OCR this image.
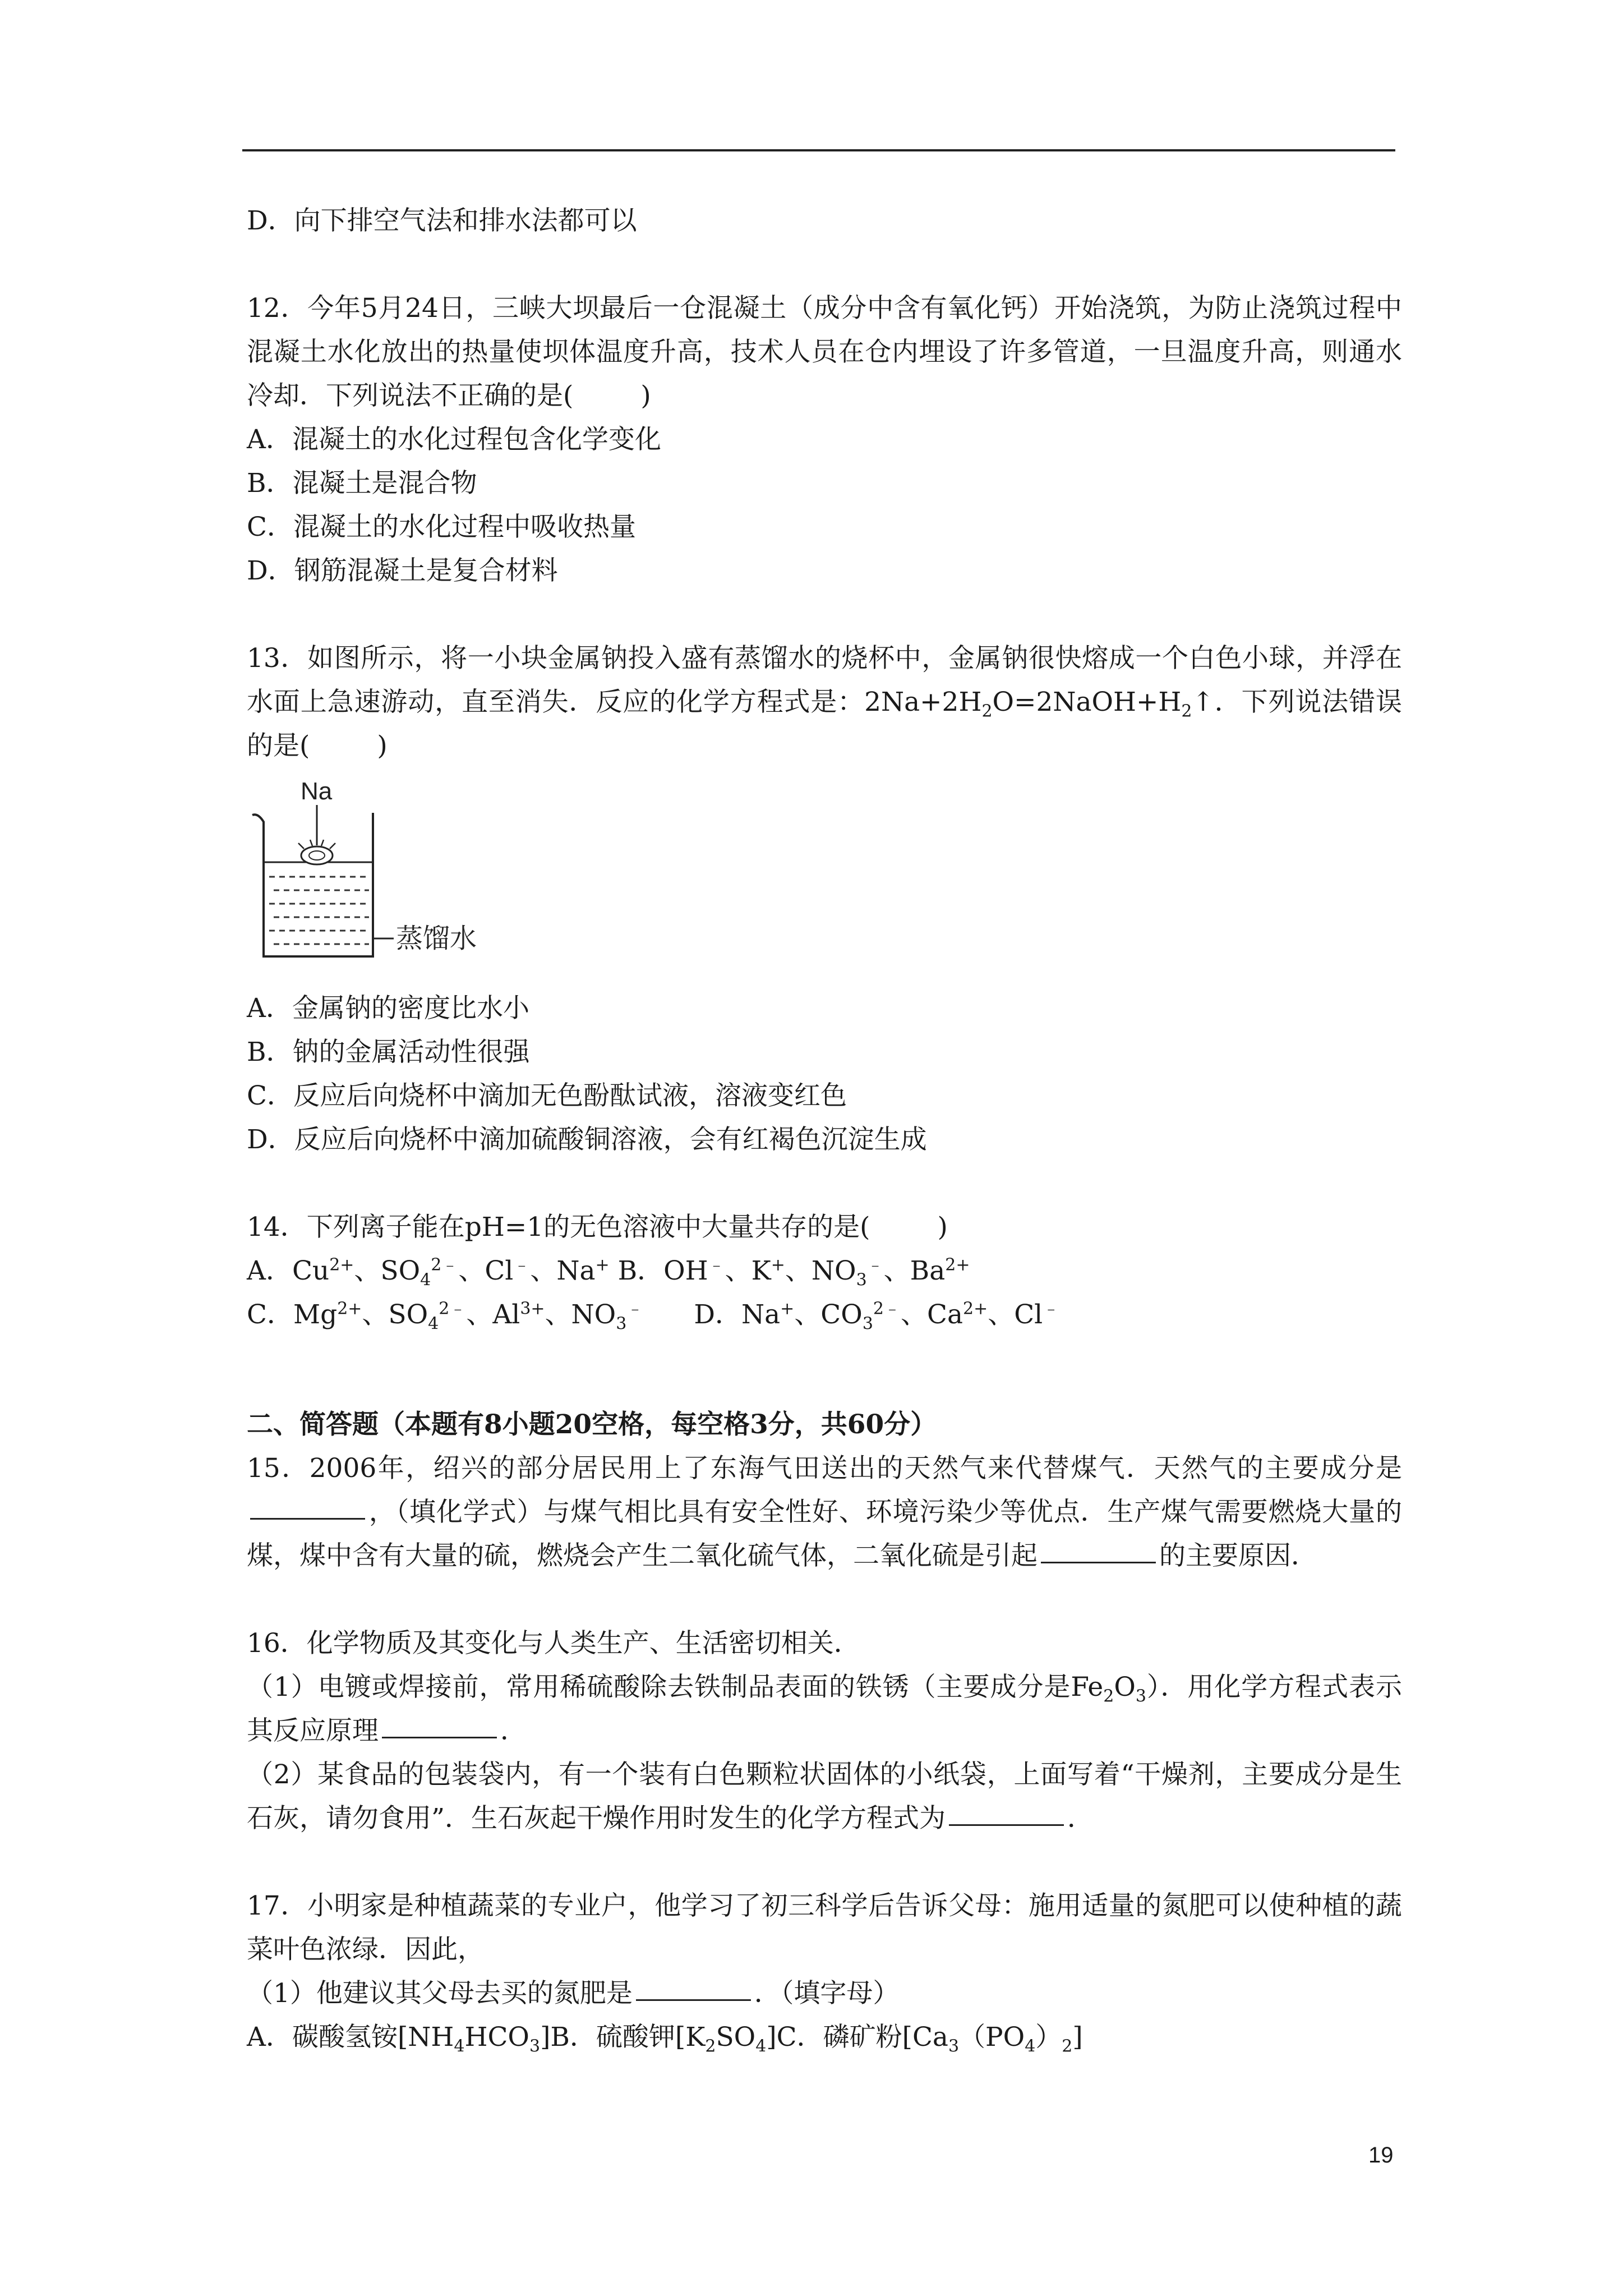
D．向下排空气法和排水法都可以

12．今年5月24日，三峡大坝最后一仓混凝土（成分中含有氧化钙）开始浇筑，为防止浇筑过程中混凝土水化放出的热量使坝体温度升高，技术人员在仓内埋设了许多管道，一旦温度升高，则通水冷却．下列说法不正确的是(	)

A．混凝土的水化过程包含化学变化

B．混凝土是混合物

C．混凝土的水化过程中吸收热量

D．钢筋混凝土是复合材料

13．如图所示，将一小块金属钠投入盛有蒸馏水的烧杯中，金属钠很快熔成一个白色小球，并浮在水面上急速游动，直至消失．反应的化学方程式是：$2Na+2H_2O=2NaOH+H_2↑$．下列说法错误的是(	)

Na
蒸馏水

A．金属钠的密度比水小

B．钠的金属活动性很强

C．反应后向烧杯中滴加无色酚酞试液，溶液变红色

D．反应后向烧杯中滴加硫酸铜溶液，会有红褐色沉淀生成

14．下列离子能在pH=1的无色溶液中大量共存的是(	)

A．$Cu^{2+}$、$SO_4^{2﹣}$、Cl﹣、Na+ B．OH﹣、K+、$NO_3^﹣$、$Ba^{2+}$

C．$Mg^{2+}$、$SO_4^{2﹣}$、$Al^{3+}$、$NO_3^﹣$ D．Na+、$CO_3^{2﹣}$、$Ca^{2+}$、Cl﹣

二、简答题（本题有8小题20空格，每空格3分，共60分）

15．2006年，绍兴的部分居民用上了东海气田送出的天然气来代替煤气．天然气的主要成分是，（填化学式）与煤气相比具有安全性好、环境污染少等优点．生产煤气需要燃烧大量的煤，煤中含有大量的硫，燃烧会产生二氧化硫气体，二氧化硫是引起	的主要原因．

16．化学物质及其变化与人类生产、生活密切相关．

（1）电镀或焊接前，常用稀硫酸除去铁制品表面的铁锈（主要成分是$Fe_2O_3$）．用化学方程式表示其反应原理	．

（2）某食品的包装袋内，有一个装有白色颗粒状固体的小纸袋，上面写着“干燥剂，主要成分是生石灰，请勿食用”．生石灰起干燥作用时发生的化学方程式为	．

17．小明家是种植蔬菜的专业户，他学习了初三科学后告诉父母：施用适量的氮肥可以使种植的蔬菜叶色浓绿．因此，

（1）他建议其父母去买的氮肥是	．（填字母）

A．碳酸氢铵$[NH_4HCO_3]B$．硫酸钾$[K_2SO_4]C$．磷矿粉$[Ca_3(PO_4)_2]$

19
